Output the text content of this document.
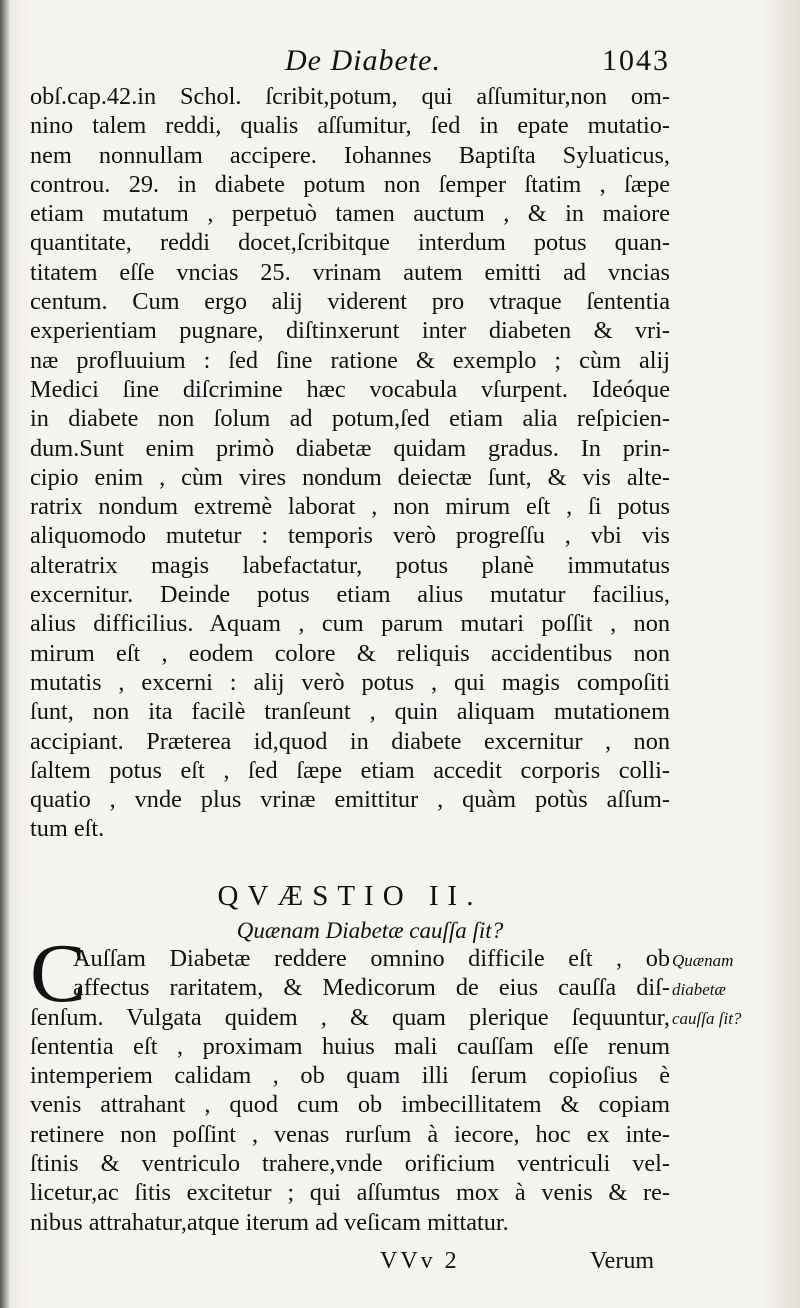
De Diabete.	1043
obſ.cap.42.in Schol. ſcribit,potum, qui aſſumitur,non om-
nino talem reddi, qualis aſſumitur, ſed in epate mutatio-
nem nonnullam accipere. Iohannes Baptiſta Syluaticus,
controu. 29. in diabete potum non ſemper ſtatim , ſæpe
etiam mutatum , perpetuò tamen auctum , & in maiore
quantitate, reddi docet,ſcribitque interdum potus quan-
titatem eſſe vncias 25. vrinam autem emitti ad vncias
centum. Cum ergo alij viderent pro vtraque ſententia
experientiam pugnare, diſtinxerunt inter diabeten & vri-
næ profluuium : ſed ſine ratione & exemplo ; cùm alij
Medici ſine diſcrimine hæc vocabula vſurpent. Ideóque
in diabete non ſolum ad potum,ſed etiam alia reſpicien-
dum.Sunt enim primò diabetæ quidam gradus. In prin-
cipio enim , cùm vires nondum deiectæ ſunt, & vis alte-
ratrix nondum extremè laborat , non mirum eſt , ſi potus
aliquomodo mutetur : temporis verò progreſſu , vbi vis
alteratrix magis labefactatur, potus planè immutatus
excernitur. Deinde potus etiam alius mutatur facilius,
alius difficilius. Aquam , cum parum mutari poſſit , non
mirum eſt , eodem colore & reliquis accidentibus non
mutatis , excerni : alij verò potus , qui magis compoſiti
ſunt, non ita facilè tranſeunt , quin aliquam mutationem
accipiant. Præterea id,quod in diabete excernitur , non
ſaltem potus eſt , ſed ſæpe etiam accedit corporis colli-
quatio , vnde plus vrinæ emittitur , quàm potùs aſſum-
tum eſt.
QVÆSTIO II.
Quænam Diabetæ cauſſa ſit?
C
Auſſam Diabetæ reddere omnino difficile eſt , ob
affectus raritatem, & Medicorum de eius cauſſa diſ-
ſenſum. Vulgata quidem , & quam plerique ſequuntur,
ſententia eſt , proximam huius mali cauſſam eſſe renum
intemperiem calidam , ob quam illi ſerum copioſius è
venis attrahant , quod cum ob imbecillitatem & copiam
retinere non poſſint , venas rurſum à iecore, hoc ex inte-
ſtinis & ventriculo trahere,vnde orificium ventriculi vel-
licetur,ac ſitis excitetur ; qui aſſumtus mox à venis & re-
nibus attrahatur,atque iterum ad veſicam mittatur.
Quænam
diabetæ
cauſſa ſit?
VVv 2	Verum
